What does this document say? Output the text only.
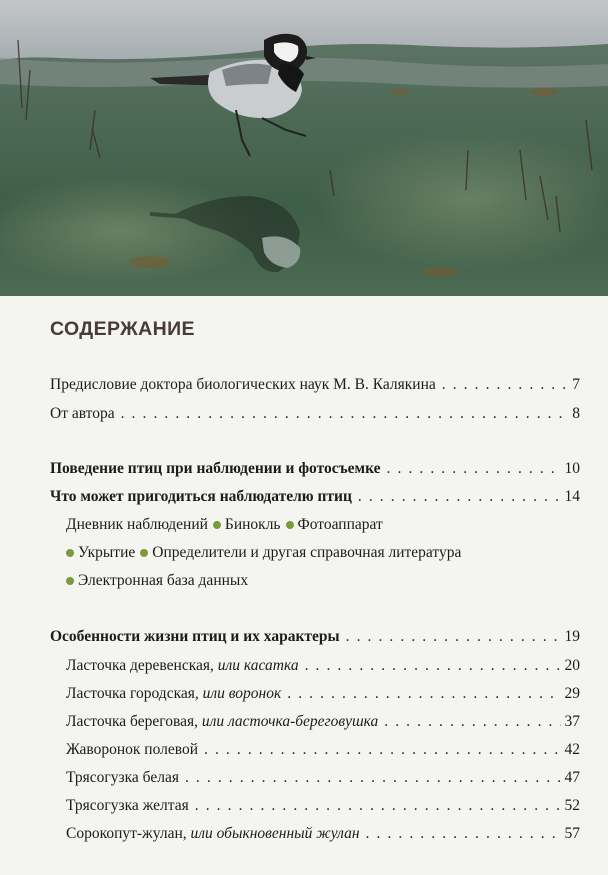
СОДЕРЖАНИЕ
Предисловие доктора биологических наук М. В. Калякина . . .	7
От автора . . .	8
Поведение птиц при наблюдении и фотосъемке . . .	10
Что может пригодиться наблюдателю птиц . . .	14
Дневник наблюдений Бинокль Фотоаппарат
Укрытие Определители и другая справочная литература
Электронная база данных
Особенности жизни птиц и их характеры . . .	19
Ласточка деревенская, или касатка . . .	20
Ласточка городская, или воронок . . .	29
Ласточка береговая, или ласточка-береговушка . . .	37
Жаворонок полевой . . .	42
Трясогузка белая . . .	47
Трясогузка желтая . . .	52
Сорокопут-жулан, или обыкновенный жулан . . .	57
